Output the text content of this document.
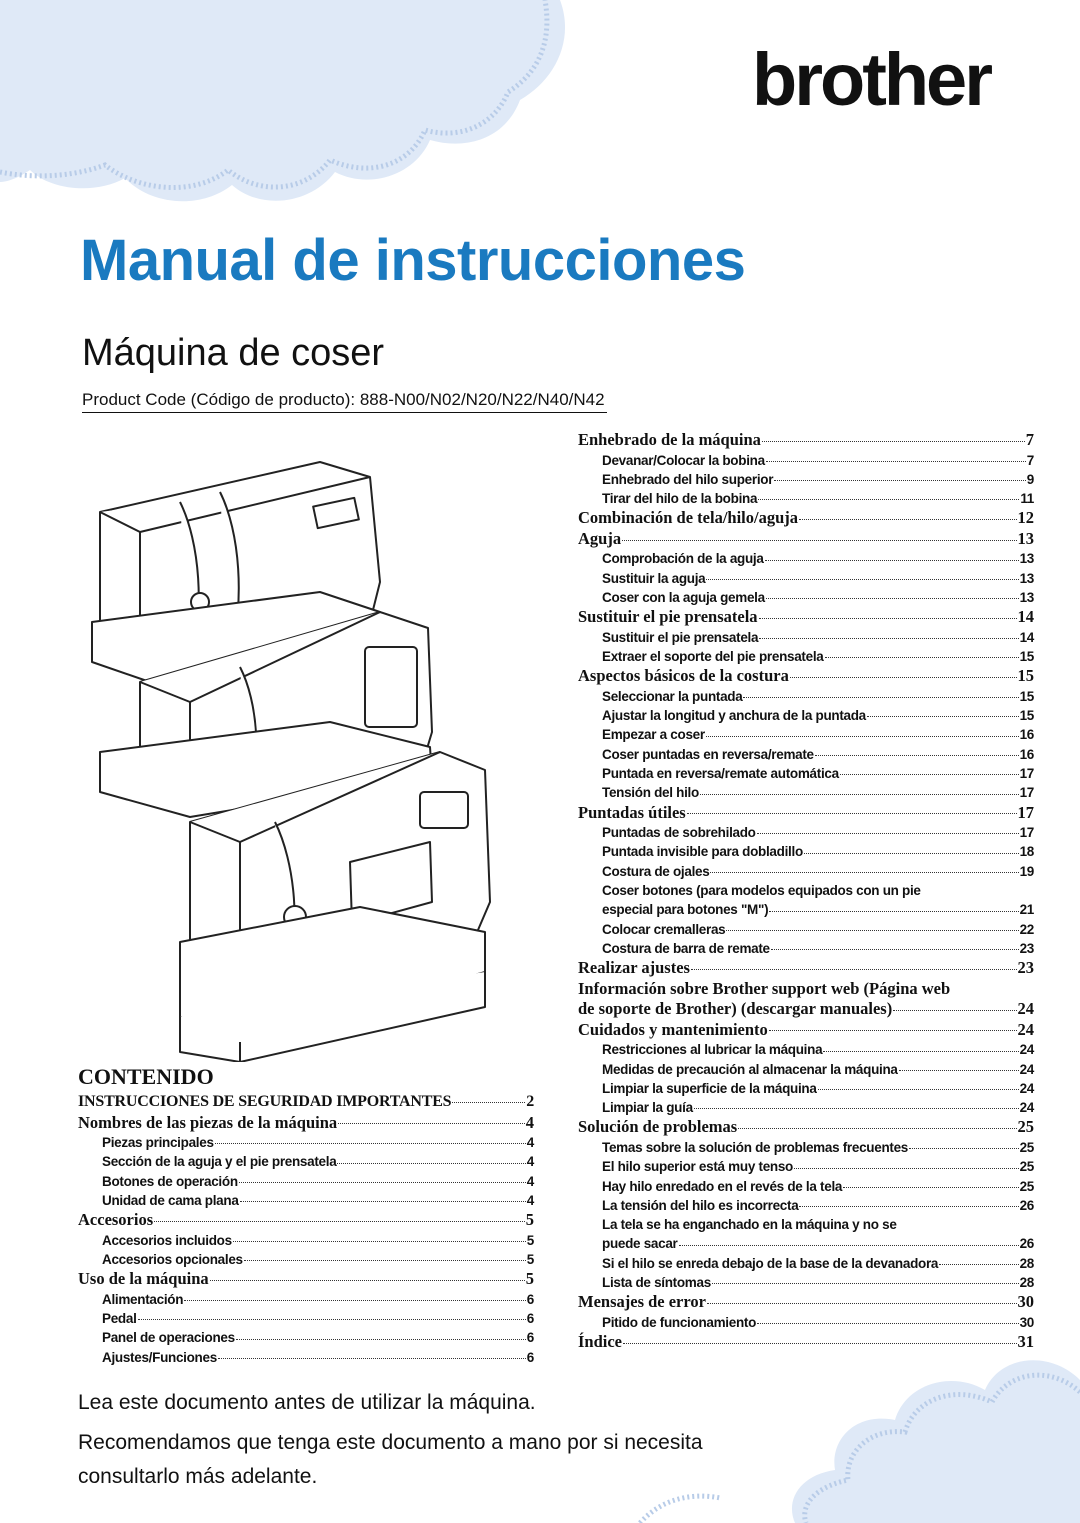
brother
Manual de instrucciones
Máquina de coser
Product Code (Código de producto): 888-N00/N02/N20/N22/N40/N42
CONTENIDO
INSTRUCCIONES DE SEGURIDAD IMPORTANTES	2
Nombres de las piezas de la máquina	4
Piezas principales	4
Sección de la aguja y el pie prensatela	4
Botones de operación	4
Unidad de cama plana	4
Accesorios	5
Accesorios incluidos	5
Accesorios opcionales	5
Uso de la máquina	5
Alimentación	6
Pedal	6
Panel de operaciones	6
Ajustes/Funciones	6
Enhebrado de la máquina	7
Devanar/Colocar la bobina	7
Enhebrado del hilo superior	9
Tirar del hilo de la bobina	11
Combinación de tela/hilo/aguja	12
Aguja	13
Comprobación de la aguja	13
Sustituir la aguja	13
Coser con la aguja gemela	13
Sustituir el pie prensatela	14
Sustituir el pie prensatela	14
Extraer el soporte del pie prensatela	15
Aspectos básicos de la costura	15
Seleccionar la puntada	15
Ajustar la longitud y anchura de la puntada	15
Empezar a coser	16
Coser puntadas en reversa/remate	16
Puntada en reversa/remate automática	17
Tensión del hilo	17
Puntadas útiles	17
Puntadas de sobrehilado	17
Puntada invisible para dobladillo	18
Costura de ojales	19
Coser botones (para modelos equipados con un pie
especial para botones "M")	21
Colocar cremalleras	22
Costura de barra de remate	23
Realizar ajustes	23
Información sobre Brother support web (Página web
de soporte de Brother) (descargar manuales)	24
Cuidados y mantenimiento	24
Restricciones al lubricar la máquina	24
Medidas de precaución al almacenar la máquina	24
Limpiar la superficie de la máquina	24
Limpiar la guía	24
Solución de problemas	25
Temas sobre la solución de problemas frecuentes	25
El hilo superior está muy tenso	25
Hay hilo enredado en el revés de la tela	25
La tensión del hilo es incorrecta	26
La tela se ha enganchado en la máquina y no se
puede sacar	26
Si el hilo se enreda debajo de la base de la devanadora	28
Lista de síntomas	28
Mensajes de error	30
Pitido de funcionamiento	30
Índice	31
Lea este documento antes de utilizar la máquina.
Recomendamos que tenga este documento a mano por si necesita
consultarlo más adelante.
